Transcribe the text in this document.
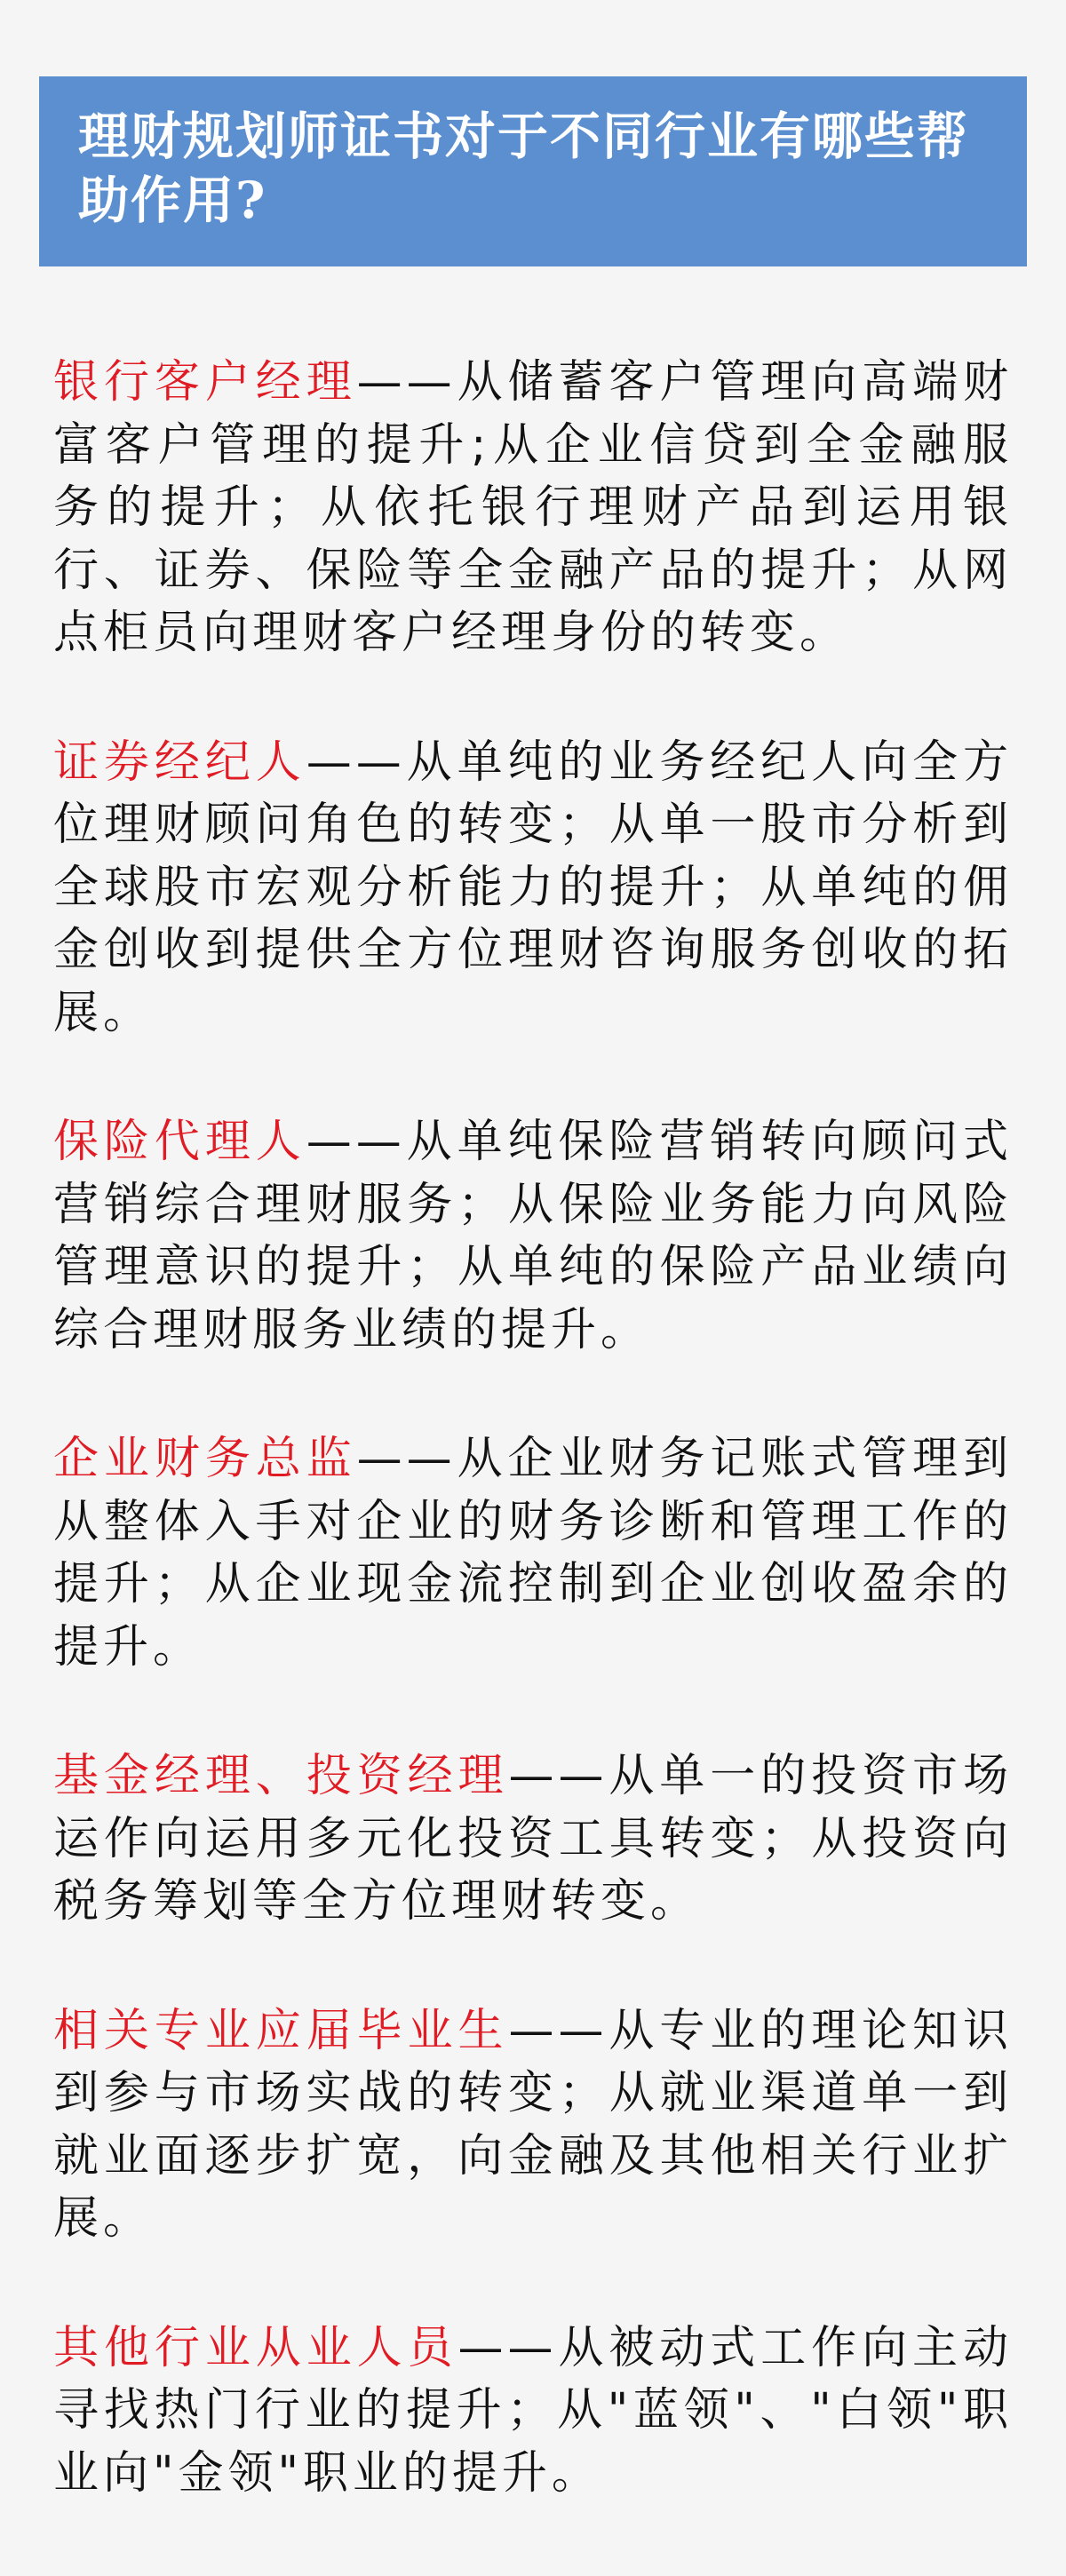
理财规划师证书对于不同行业有哪些帮助作用?

银行客户经理——从储蓄客户管理向高端财富客户管理的提升;从企业信贷到全金融服务的提升；从依托银行理财产品到运用银行、证券、保险等全金融产品的提升；从网点柜员向理财客户经理身份的转变。

证券经纪人——从单纯的业务经纪人向全方位理财顾问角色的转变；从单一股市分析到全球股市宏观分析能力的提升；从单纯的佣金创收到提供全方位理财咨询服务创收的拓展。

保险代理人——从单纯保险营销转向顾问式营销综合理财服务；从保险业务能力向风险管理意识的提升；从单纯的保险产品业绩向综合理财服务业绩的提升。

企业财务总监——从企业财务记账式管理到从整体入手对企业的财务诊断和管理工作的提升；从企业现金流控制到企业创收盈余的提升。

基金经理、投资经理——从单一的投资市场运作向运用多元化投资工具转变；从投资向税务筹划等全方位理财转变。

相关专业应届毕业生——从专业的理论知识到参与市场实战的转变；从就业渠道单一到就业面逐步扩宽，向金融及其他相关行业扩展。

其他行业从业人员——从被动式工作向主动寻找热门行业的提升；从"蓝领"、"白领"职业向"金领"职业的提升。
